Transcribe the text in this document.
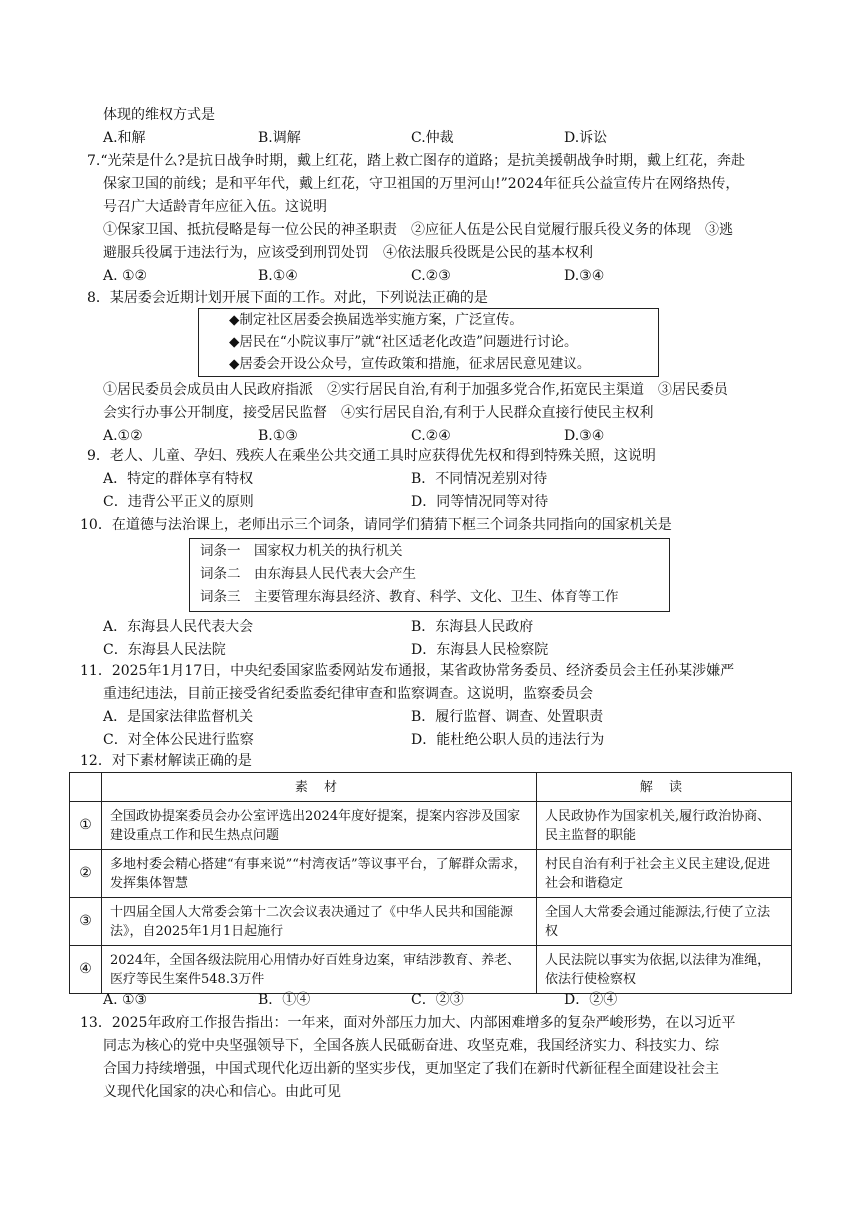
体现的维权方式是
A.和解	B.调解	C.仲裁	D.诉讼
7.“光荣是什么?是抗日战争时期，戴上红花，踏上救亡图存的道路；是抗美援朝战争时期，戴上红花，奔赴
保家卫国的前线；是和平年代，戴上红花，守卫祖国的万里河山!”2024年征兵公益宣传片在网络热传，
号召广大适龄青年应征入伍。这说明
①保家卫国、抵抗侵略是每一位公民的神圣职责　②应征人伍是公民自觉履行服兵役义务的体现　③逃
避服兵役属于违法行为，应该受到刑罚处罚　④依法服兵役既是公民的基本权利
A. ①②	B.①④	C.②③	D.③④
8．某居委会近期计划开展下面的工作。对此，下列说法正确的是
◆制定社区居委会换届选举实施方案，广泛宣传。
◆居民在“小院议事厅”就“社区适老化改造”问题进行讨论。
◆居委会开设公众号，宣传政策和措施，征求居民意见建议。
①居民委员会成员由人民政府指派　②实行居民自治,有利于加强多党合作,拓宽民主渠道　③居民委员
会实行办事公开制度，接受居民监督　④实行居民自治,有利于人民群众直接行使民主权利
A.①②	B.①③	C.②④	D.③④
9．老人、儿童、孕妇、残疾人在乘坐公共交通工具时应获得优先权和得到特殊关照，这说明
A．特定的群体享有特权	B．不同情况差别对待
C．违背公平正义的原则	D．同等情况同等对待
10．在道德与法治课上，老师出示三个词条，请同学们猜猜下框三个词条共同指向的国家机关是
词条一　国家权力机关的执行机关
词条二　由东海县人民代表大会产生
词条三　主要管理东海县经济、教育、科学、文化、卫生、体育等工作
A．东海县人民代表大会	B．东海县人民政府
C．东海县人民法院	D．东海县人民检察院
11．2025年1月17日，中央纪委国家监委网站发布通报，某省政协常务委员、经济委员会主任孙某涉嫌严
重违纪违法，目前正接受省纪委监委纪律审查和监察调查。这说明，监察委员会
A．是国家法律监督机关	B．履行监督、调查、处置职责
C．对全体公民进行监察	D．能杜绝公职人员的违法行为
12．对下素材解读正确的是
	素 材	解 读
①	全国政协提案委员会办公室评选出2024年度好提案，提案内容涉及国家建设重点工作和民生热点问题	人民政协作为国家机关,履行政治协商、民主监督的职能
②	多地村委会精心搭建“有事来说”“村湾夜话”等议事平台，了解群众需求，发挥集体智慧	村民自治有利于社会主义民主建设,促进社会和谐稳定
③	十四届全国人大常委会第十二次会议表决通过了《中华人民共和国能源法》，自2025年1月1日起施行	全国人大常委会通过能源法,行使了立法权
④	2024年，全国各级法院用心用情办好百姓身边案，审结涉教育、养老、医疗等民生案件548.3万件	人民法院以事实为依据,以法律为准绳，依法行使检察权
A. ①③	B．①④	C．②③	D．②④
13．2025年政府工作报告指出：一年来，面对外部压力加大、内部困难增多的复杂严峻形势，在以习近平
同志为核心的党中央坚强领导下，全国各族人民砥砺奋进、攻坚克难，我国经济实力、科技实力、综
合国力持续增强，中国式现代化迈出新的坚实步伐，更加坚定了我们在新时代新征程全面建设社会主
义现代化国家的决心和信心。由此可见
